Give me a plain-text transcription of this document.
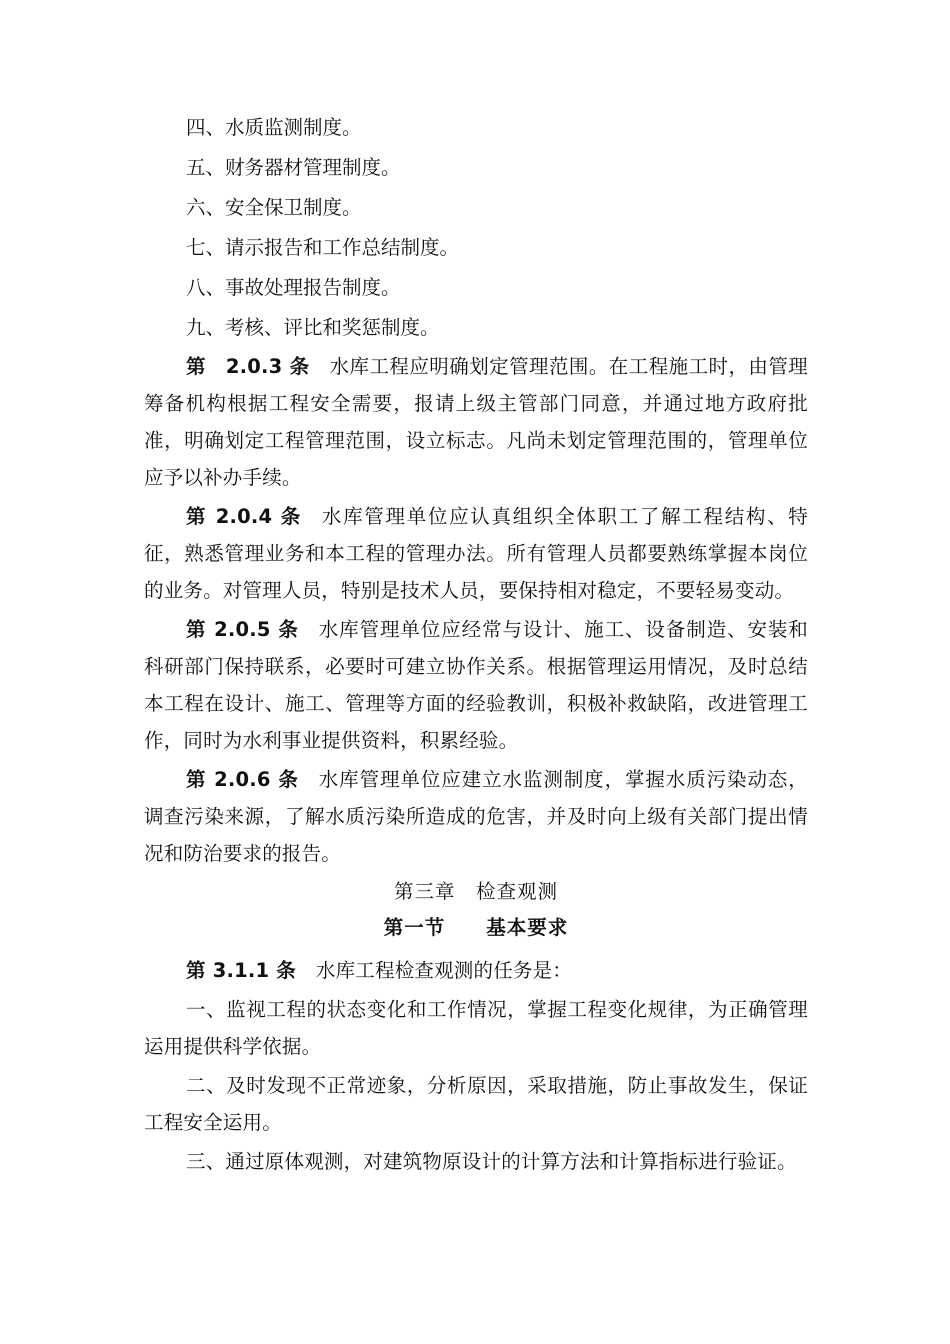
四、水质监测制度。

五、财务器材管理制度。

六、安全保卫制度。

七、请示报告和工作总结制度。

八、事故处理报告制度。

九、考核、评比和奖惩制度。

第　2.0.3 条 水库工程应明确划定管理范围。在工程施工时，由管理筹备机构根据工程安全需要，报请上级主管部门同意，并通过地方政府批准，明确划定工程管理范围，设立标志。凡尚未划定管理范围的，管理单位应予以补办手续。

第 2.0.4 条 水库管理单位应认真组织全体职工了解工程结构、特征，熟悉管理业务和本工程的管理办法。所有管理人员都要熟练掌握本岗位的业务。对管理人员，特别是技术人员，要保持相对稳定，不要轻易变动。

第 2.0.5 条 水库管理单位应经常与设计、施工、设备制造、安装和科研部门保持联系，必要时可建立协作关系。根据管理运用情况，及时总结本工程在设计、施工、管理等方面的经验教训，积极补救缺陷，改进管理工作，同时为水利事业提供资料，积累经验。

第 2.0.6 条 水库管理单位应建立水监测制度，掌握水质污染动态，调查污染来源，了解水质污染所造成的危害，并及时向上级有关部门提出情况和防治要求的报告。

第三章　检查观测

第一节　　基本要求

第 3.1.1 条 水库工程检查观测的任务是：

一、监视工程的状态变化和工作情况，掌握工程变化规律，为正确管理运用提供科学依据。

二、及时发现不正常迹象，分析原因，采取措施，防止事故发生，保证工程安全运用。

三、通过原体观测，对建筑物原设计的计算方法和计算指标进行验证。
